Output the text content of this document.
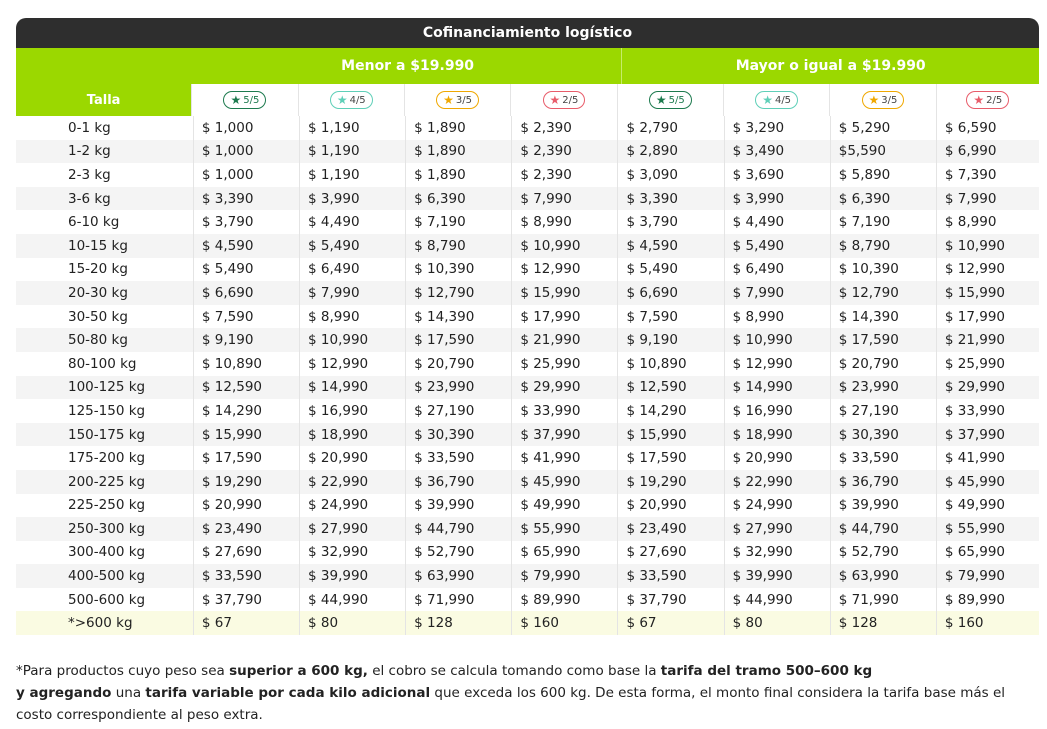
Cofinanciamiento logístico
Menor a $19.990	Mayor o igual a $19.990
Talla	★ 5/5	★ 4/5	★ 3/5	★ 2/5	★ 5/5	★ 4/5	★ 3/5	★ 2/5
0-1 kg	$ 1,000	$ 1,190	$ 1,890	$ 2,390	$ 2,790	$ 3,290	$ 5,290	$ 6,590
1-2 kg	$ 1,000	$ 1,190	$ 1,890	$ 2,390	$ 2,890	$ 3,490	$5,590	$ 6,990
2-3 kg	$ 1,000	$ 1,190	$ 1,890	$ 2,390	$ 3,090	$ 3,690	$ 5,890	$ 7,390
3-6 kg	$ 3,390	$ 3,990	$ 6,390	$ 7,990	$ 3,390	$ 3,990	$ 6,390	$ 7,990
6-10 kg	$ 3,790	$ 4,490	$ 7,190	$ 8,990	$ 3,790	$ 4,490	$ 7,190	$ 8,990
10-15 kg	$ 4,590	$ 5,490	$ 8,790	$ 10,990	$ 4,590	$ 5,490	$ 8,790	$ 10,990
15-20 kg	$ 5,490	$ 6,490	$ 10,390	$ 12,990	$ 5,490	$ 6,490	$ 10,390	$ 12,990
20-30 kg	$ 6,690	$ 7,990	$ 12,790	$ 15,990	$ 6,690	$ 7,990	$ 12,790	$ 15,990
30-50 kg	$ 7,590	$ 8,990	$ 14,390	$ 17,990	$ 7,590	$ 8,990	$ 14,390	$ 17,990
50-80 kg	$ 9,190	$ 10,990	$ 17,590	$ 21,990	$ 9,190	$ 10,990	$ 17,590	$ 21,990
80-100 kg	$ 10,890	$ 12,990	$ 20,790	$ 25,990	$ 10,890	$ 12,990	$ 20,790	$ 25,990
100-125 kg	$ 12,590	$ 14,990	$ 23,990	$ 29,990	$ 12,590	$ 14,990	$ 23,990	$ 29,990
125-150 kg	$ 14,290	$ 16,990	$ 27,190	$ 33,990	$ 14,290	$ 16,990	$ 27,190	$ 33,990
150-175 kg	$ 15,990	$ 18,990	$ 30,390	$ 37,990	$ 15,990	$ 18,990	$ 30,390	$ 37,990
175-200 kg	$ 17,590	$ 20,990	$ 33,590	$ 41,990	$ 17,590	$ 20,990	$ 33,590	$ 41,990
200-225 kg	$ 19,290	$ 22,990	$ 36,790	$ 45,990	$ 19,290	$ 22,990	$ 36,790	$ 45,990
225-250 kg	$ 20,990	$ 24,990	$ 39,990	$ 49,990	$ 20,990	$ 24,990	$ 39,990	$ 49,990
250-300 kg	$ 23,490	$ 27,990	$ 44,790	$ 55,990	$ 23,490	$ 27,990	$ 44,790	$ 55,990
300-400 kg	$ 27,690	$ 32,990	$ 52,790	$ 65,990	$ 27,690	$ 32,990	$ 52,790	$ 65,990
400-500 kg	$ 33,590	$ 39,990	$ 63,990	$ 79,990	$ 33,590	$ 39,990	$ 63,990	$ 79,990
500-600 kg	$ 37,790	$ 44,990	$ 71,990	$ 89,990	$ 37,790	$ 44,990	$ 71,990	$ 89,990
*>600 kg	$ 67	$ 80	$ 128	$ 160	$ 67	$ 80	$ 128	$ 160
*Para productos cuyo peso sea superior a 600 kg, el cobro se calcula tomando como base la tarifa del tramo 500–600 kg
y agregando una tarifa variable por cada kilo adicional que exceda los 600 kg. De esta forma, el monto final considera la tarifa base más el costo correspondiente al peso extra.
